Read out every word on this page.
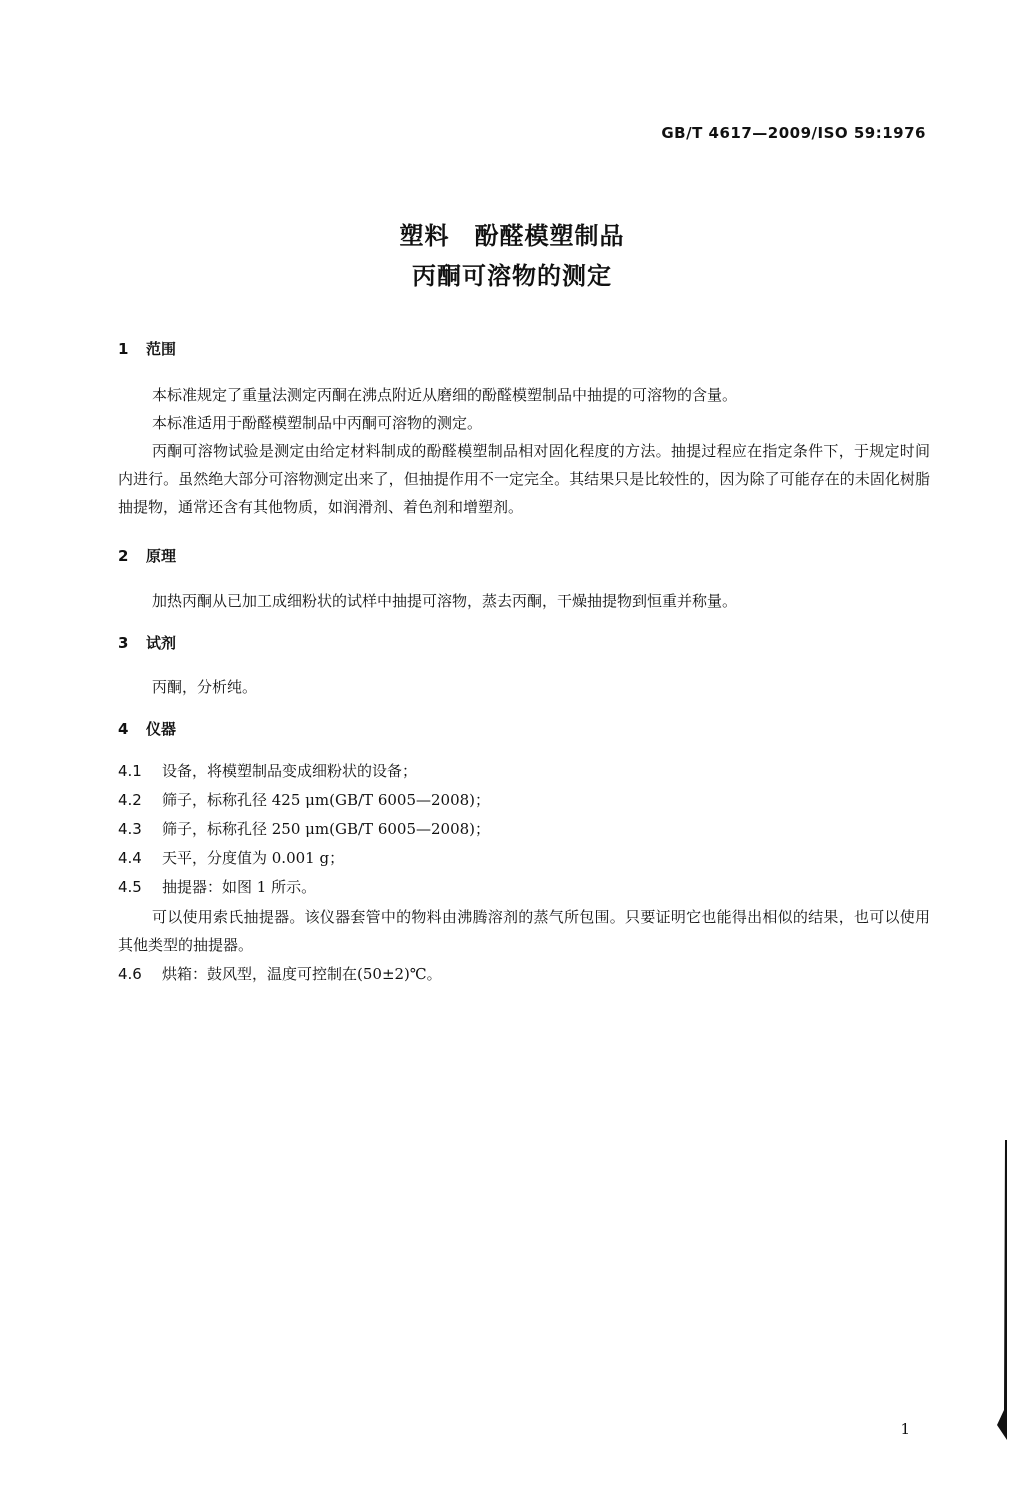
GB/T 4617—2009/ISO 59:1976
塑料　酚醛模塑制品
丙酮可溶物的测定
1 范围
本标准规定了重量法测定丙酮在沸点附近从磨细的酚醛模塑制品中抽提的可溶物的含量。
本标准适用于酚醛模塑制品中丙酮可溶物的测定。
丙酮可溶物试验是测定由给定材料制成的酚醛模塑制品相对固化程度的方法。抽提过程应在指定条件下，于规定时间内进行。虽然绝大部分可溶物测定出来了，但抽提作用不一定完全。其结果只是比较性的，因为除了可能存在的未固化树脂抽提物，通常还含有其他物质，如润滑剂、着色剂和增塑剂。
2 原理
加热丙酮从已加工成细粉状的试样中抽提可溶物，蒸去丙酮，干燥抽提物到恒重并称量。
3 试剂
丙酮，分析纯。
4 仪器
4.1 设备，将模塑制品变成细粉状的设备；
4.2 筛子，标称孔径 425 μm(GB/T 6005—2008)；
4.3 筛子，标称孔径 250 μm(GB/T 6005—2008)；
4.4 天平，分度值为 0.001 g；
4.5 抽提器：如图 1 所示。
可以使用索氏抽提器。该仪器套管中的物料由沸腾溶剂的蒸气所包围。只要证明它也能得出相似的结果，也可以使用其他类型的抽提器。
4.6 烘箱：鼓风型，温度可控制在(50±2)℃。
1
